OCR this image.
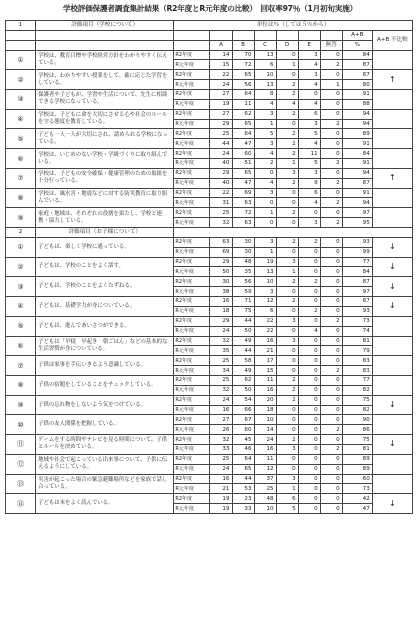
学校評価保護者調査集計結果（R2年度とR元年度の比較）　回収率97％（1月初旬実施）
1	評価項目（学校について）	単位は％（しては５％から）								
									A+B	A+B 不比較
			A	B	C	D	E	無答	%	
①	学校は、教育目標や学校経営方針をわかりやすく伝えている。	R2年度	14	70	13	0	3	0	84	
		R元年度	15	72	6	1	4	2	87	
②	学校は、わかりやすい授業をして、確に応じた学習をしている。	R2年度	22	65	10	0	3	0	87	↑
		R元年度	24	56	13	2	4	1	80	
③	保護者や子どもが、学習や生活について、先生に相談できる学校になっている。	R2年度	27	64	8	2	0	0	91	
		R元年度	19	11	4	4	4	0	88	
④	学校は、子どもに命を大切にさせる心や社会のルールを守る態度を教育している。	R2年度	27	62	3	2	6	0	94	
		R元年度	29	65	1	0	3	2	94	
⑤	子ども一人一人が大切にされ、認められる学校になっている。	R2年度	25	64	5	2	5	0	89	
		R元年度	44	47	3	2	4	0	91	
⑥	学校は、いじめのない学校・学級づくりに取り組んでいる。	R2年度	24	60	4	2	11	0	84	
		R元年度	40	51	2	1	5	2	91	
⑦	学校は、子どもの安全確保・健康管理のための取組を十分行っている。	R2年度	29	65	0	3	3	0	94	↑
		R元年度	40	47	4	2	9	2	87	
⑧	学校は、風水害・地震などに対する防災教育に取り組んでいる。	R2年度	22	69	3	0	6	0	91	
		R元年度	31	63	0	0	4	2	94	
⑨	家庭・地域は、それぞれの役割を果たし、学校と連携・協力している。	R2年度	25	72	1	2	0	0	97	
		R元年度	32	63	0	0	3	2	95	
2	評価項目（お子様について）									
①	子どもは、楽しく学校に通っている。	R2年度	63	30	3	2	2	0	93	↓
		R元年度	69	30	1	0	0	0	99	
②	子どもは、学校のことをよく話す。	R2年度	29	48	19	3	0	0	77	↓
		R元年度	50	35	13	1	0	0	84	
③	子どもは、学校のことをよくたずねる。	R2年度	30	56	10	2	2	0	87	↓
		R元年度	38	59	3	0	0	0	97	
④	子どもは、基礎学力が身についている。	R2年度	16	71	12	2	0	0	87	↓
		R元年度	18	75	6	0	2	0	93	
⑤	子どもは、進んであいさつができる。	R2年度	29	44	22	3	0	2	73	
		R元年度	24	50	22	0	4	0	74	
⑥	子どもは「早寝　早起き　朝ごはん」などの基本的な生活習慣が身についている。	R2年度	32	49	16	3	0	0	81	
		R元年度	35	44	21	0	0	0	79	
⑦	子供は家事を手伝いきるよう意識している。	R2年度	25	58	17	0	0	0	83	
		R元年度	34	49	15	0	0	2	83	
⑧	子供の宿題をしていることをチェックしている。	R2年度	25	62	11	2	0	0	77	
		R元年度	32	50	16	2	0	0	82	
⑨	子供の忘れ物をしないよう気をつけている。	R2年度	24	54	20	2	0	0	75	↓
		R元年度	16	66	18	0	0	0	82	
⑩	子供の友人関係を把握している。	R2年度	27	67	10	0	0	0	90	
		R元年度	26	60	14	0	0	2	86	
⑪	ゲームをする時間やテレビを見る時間について、子供とルールを決めている。	R2年度	32	45	24	2	0	0	75	↓
		R元年度	33	46	16	3	0	2	81	
⑫	地域や社会で起こっている出来事について、子供に伝えるようにしている。	R2年度	25	64	11	0	0	0	89	
		R元年度	24	65	12	0	0	0	89	
⑬	災害が起こった場合の緊急避難場所などを家族で話し合っている。	R2年度	16	44	37	3	0	0	60	
		R元年度	21	53	25	1	0	0	73	
⑭	子どもは本をよく読んでいる。	R2年度	19	23	48	6	0	0	42	↓
		R元年度	19	33	10	5	0	0	47	
